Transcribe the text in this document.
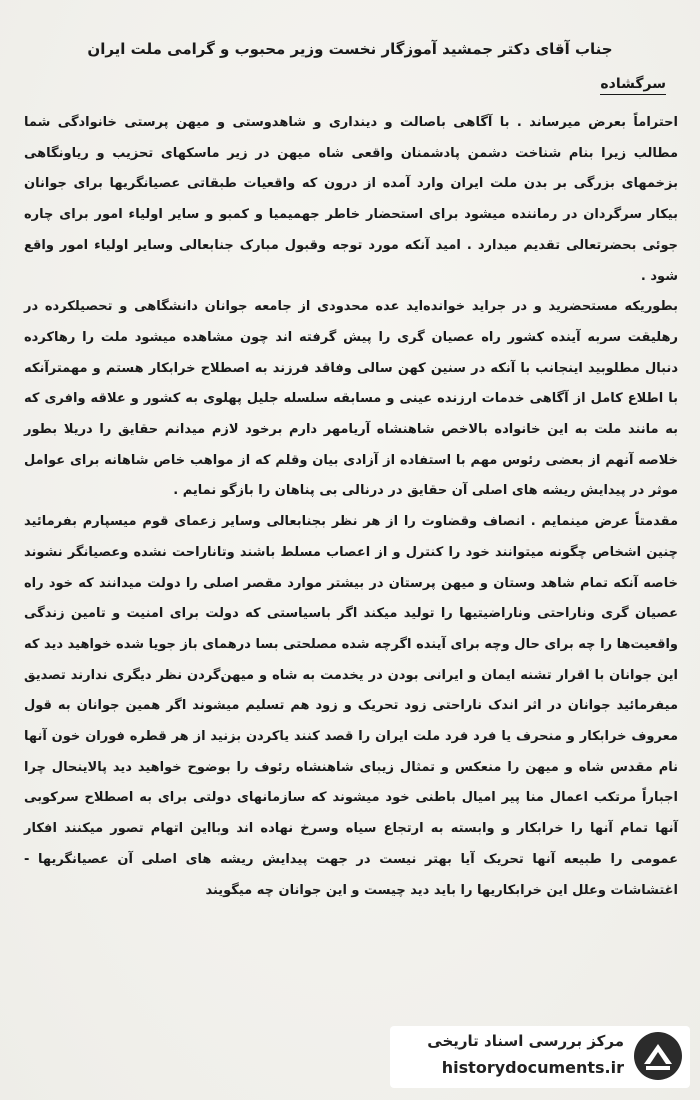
جناب آقای دکتر جمشید آموزگار نخست وزیر محبوب و گرامی ملت ایران
سرگشاده

احتراماً بعرض میرساند . با آگاهی باصالت و دینداری و شاهدوستی و میهن پرستی خانوادگی شما مطالب زیرا بنام شناخت دشمن پادشمنان واقعی شاه میهن در زیر ماسکهای تحزیب و ریاونگاهی بزخمهای بزرگی بر بدن ملت ایران وارد آمده از درون که واقعیات طبقاتی عصیانگریها برای جوانان بیکار سرگردان در رماننده میشود برای استحضار خاطر جهمیمیا و کمبو و سایر اولیاء امور برای چاره جوئی بحضرتعالی تقدیم میدارد . امید آنکه مورد توجه وقبول مبارک جنابعالی وسایر اولیاء امور واقع شود .

بطوریکه مستحضرید و در جراید خوانده‌اید عده محدودی از جامعه جوانان دانشگاهی و تحصیلکرده در رهلیقت سربه آینده کشور راه عصیان گری را پیش گرفته اند چون مشاهده میشود ملت را رهاکرده دنبال مطلوبید اینجانب با آنکه در سنین کهن سالی وفاقد فرزند به اصطلاح خرابکار هستم و مهمترآنکه با اطلاع کامل از آگاهی خدمات ارزنده عینی و مسابقه سلسله جلیل پهلوی به کشور و علاقه وافری که به مانند ملت به این خانواده بالاخص شاهنشاه آریامهر دارم برخود لازم میدانم حقایق را دریلا بطور خلاصه آنهم از بعضی رئوس مهم با استفاده از آزادی بیان وقلم که از مواهب خاص شاهانه برای عوامل موثر در پیدایش ریشه های اصلی آن حقایق در درنالی بی پناهان را بازگو نمایم .

مقدمتاً عرض مینمایم . انصاف وقضاوت را از هر نظر بجنابعالی وسایر زعمای قوم میسپارم بفرمائید چنین اشخاص چگونه میتوانند خود را کنترل و از اعصاب مسلط باشند وتاناراحت نشده وعصیانگر نشوند خاصه آنکه تمام شاهد وستان و میهن پرستان در بیشتر موارد مقصر اصلی را دولت میدانند که خود راه عصیان گری وناراحتی وناراضیتیها را تولید میکند اگر باسیاستی که دولت برای امنیت و تامین زندگی واقعیت‌ها را چه برای حال وچه برای آینده اگرچه شده مصلحتی بسا درهمای باز جویا شده خواهید دید که این جوانان با اقرار تشنه ایمان و ایرانی بودن در یخدمت به شاه و میهن‌گردن نظر دیگری ندارند تصدیق میفرمائید جوانان در اثر اندک ناراحتی زود تحریک و زود هم تسلیم میشوند اگر همین جوانان به قول معروف خرابکار و منحرف یا فرد فرد ملت ایران را قصد کنند یاکردن بزنید از هر قطره فوران خون آنها نام مقدس شاه و میهن را منعکس و تمثال زیبای شاهنشاه رئوف را بوضوح خواهید دید پالاینحال چرا اجباراً مرتکب اعمال منا پیر امیال باطنی خود میشوند که سازمانهای دولتی برای به اصطلاح سرکوبی آنها تمام آنها را خرابکار و وابسته به ارتجاع سیاه وسرخ نهاده اند وبااین اتهام تصور میکنند افکار عمومی را طبیعه آنها تحریک آیا بهتر نیست در جهت پیدایش ریشه های اصلی آن عصیانگریها - اغتشاشات وعلل این خرابکاریها را باید دید چیست و این جوانان چه میگویند

مرکز بررسی اسناد تاریخی
historydocuments.ir
